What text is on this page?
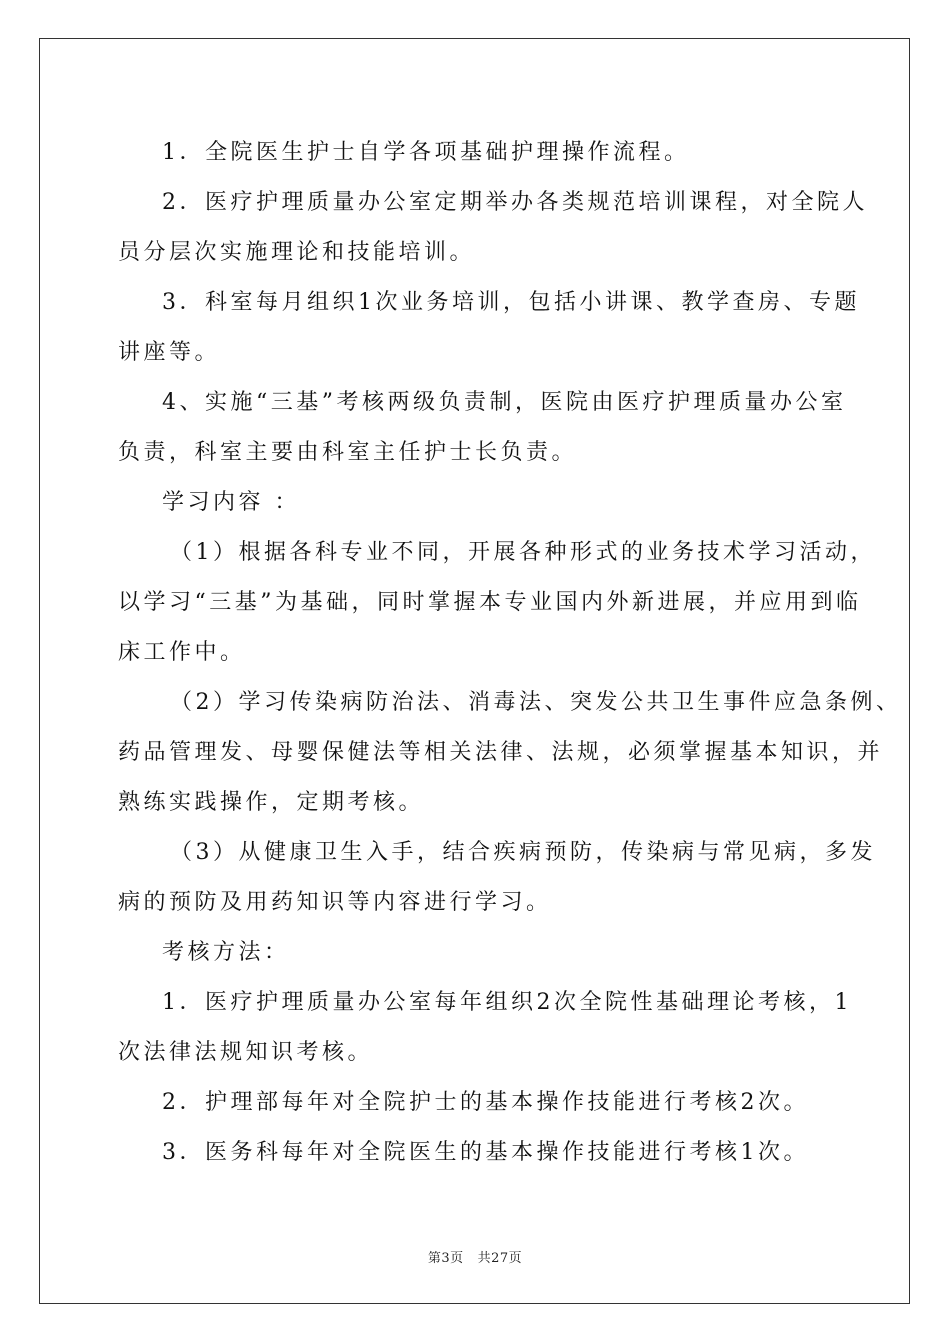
1．全院医生护士自学各项基础护理操作流程。

2．医疗护理质量办公室定期举办各类规范培训课程，对全院人

员分层次实施理论和技能培训。

3．科室每月组织1次业务培训，包括小讲课、教学查房、专题

讲座等。

4、实施“三基”考核两级负责制，医院由医疗护理质量办公室

负责，科室主要由科室主任护士长负责。

学习内容 ：

（1）根据各科专业不同，开展各种形式的业务技术学习活动，

以学习“三基”为基础，同时掌握本专业国内外新进展，并应用到临

床工作中。

（2）学习传染病防治法、消毒法、突发公共卫生事件应急条例、

药品管理发、母婴保健法等相关法律、法规，必须掌握基本知识，并

熟练实践操作，定期考核。

（3）从健康卫生入手，结合疾病预防，传染病与常见病，多发

病的预防及用药知识等内容进行学习。

考核方法：

1．医疗护理质量办公室每年组织2次全院性基础理论考核，1

次法律法规知识考核。

2．护理部每年对全院护士的基本操作技能进行考核2次。

3．医务科每年对全院医生的基本操作技能进行考核1次。

第3页 共27页
